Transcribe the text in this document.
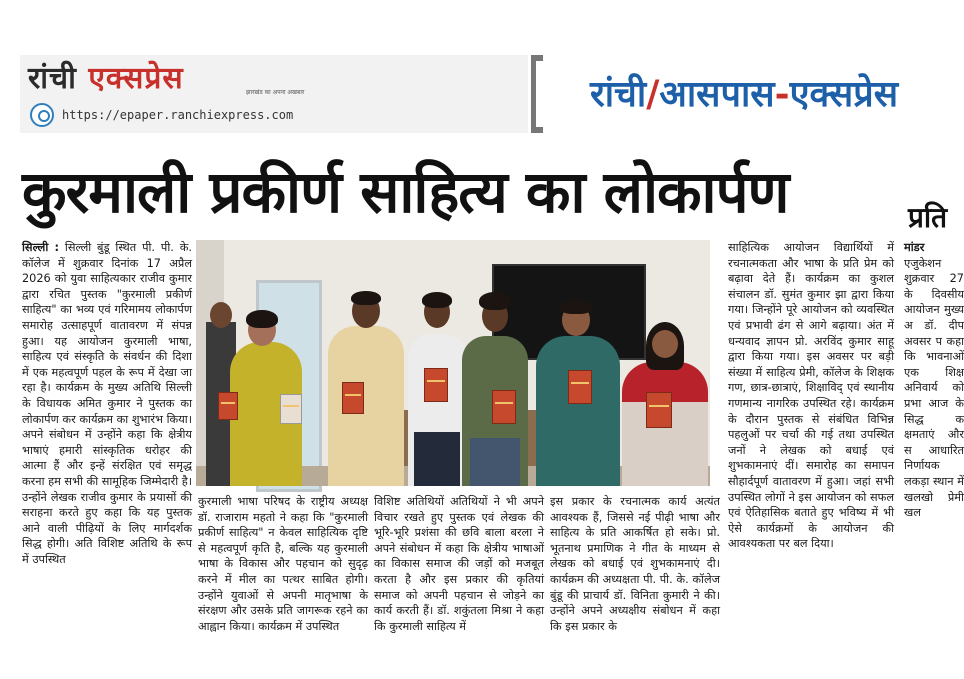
रांची एक्सप्रेस	झारखंड का अपना अखबार
https://epaper.ranchiexpress.com	रांची/आसपास-एक्सप्रेस
कुरमाली प्रकीर्ण साहित्य का लोकार्पण	प्रति
सिल्ली : सिल्ली बुंडू स्थित पी. पी. के. कॉलेज में शुक्रवार दिनांक 17 अप्रैल 2026 को युवा साहित्यकार राजीव कुमार द्वारा रचित पुस्तक "कुरमाली प्रकीर्ण साहित्य" का भव्य एवं गरिमामय लोकार्पण समारोह उत्साहपूर्ण वातावरण में संपन्न हुआ। यह आयोजन कुरमाली भाषा, साहित्य एवं संस्कृति के संवर्धन की दिशा में एक महत्वपूर्ण पहल के रूप में देखा जा रहा है। कार्यक्रम के मुख्य अतिथि सिल्ली के विधायक अमित कुमार ने पुस्तक का लोकार्पण कर कार्यक्रम का शुभारंभ किया। अपने संबोधन में उन्होंने कहा कि क्षेत्रीय भाषाएं हमारी सांस्कृतिक धरोहर की आत्मा हैं और इन्हें संरक्षित एवं समृद्ध करना हम सभी की सामूहिक जिम्मेदारी है। उन्होंने लेखक राजीव कुमार के प्रयासों की सराहना करते हुए कहा कि यह पुस्तक आने वाली पीढ़ियों के लिए मार्गदर्शक सिद्ध होगी। अति विशिष्ट अतिथि के रूप में उपस्थित
कुरमाली भाषा परिषद के राष्ट्रीय अध्यक्ष डॉ. राजाराम महतो ने कहा कि "कुरमाली प्रकीर्ण साहित्य" न केवल साहित्यिक दृष्टि से महत्वपूर्ण कृति है, बल्कि यह कुरमाली भाषा के विकास और पहचान को सुदृढ़ करने में मील का पत्थर साबित होगी। उन्होंने युवाओं से अपनी मातृभाषा के संरक्षण और उसके प्रति जागरूक रहने का आह्वान किया। कार्यक्रम में उपस्थित
विशिष्ट अतिथियों अतिथियों ने भी अपने विचार रखते हुए पुस्तक एवं लेखक की भूरि-भूरि प्रशंसा की छवि बाला बरला ने अपने संबोधन में कहा कि क्षेत्रीय भाषाओं का विकास समाज की जड़ों को मजबूत करता है और इस प्रकार की कृतियां समाज को अपनी पहचान से जोड़ने का कार्य करती हैं। डॉ. शकुंतला मिश्रा ने कहा कि कुरमाली साहित्य में
इस प्रकार के रचनात्मक कार्य अत्यंत आवश्यक हैं, जिससे नई पीढ़ी भाषा और साहित्य के प्रति आकर्षित हो सके। प्रो. भूतनाथ प्रमाणिक ने गीत के माध्यम से लेखक को बधाई एवं शुभकामनाएं दी। कार्यक्रम की अध्यक्षता पी. पी. के. कॉलेज बुंडू की प्राचार्य डॉ. विनिता कुमारी ने की। उन्होंने अपने अध्यक्षीय संबोधन में कहा कि इस प्रकार के
साहित्यिक आयोजन विद्यार्थियों में रचनात्मकता और भाषा के प्रति प्रेम को बढ़ावा देते हैं। कार्यक्रम का कुशल संचालन डॉ. सुमंत कुमार झा द्वारा किया गया। जिन्होंने पूरे आयोजन को व्यवस्थित एवं प्रभावी ढंग से आगे बढ़ाया। अंत में धन्यवाद ज्ञापन प्रो. अरविंद कुमार साहू द्वारा किया गया। इस अवसर पर बड़ी संख्या में साहित्य प्रेमी, कॉलेज के शिक्षक गण, छात्र-छात्राएं, शिक्षाविद् एवं स्थानीय गणमान्य नागरिक उपस्थित रहे। कार्यक्रम के दौरान पुस्तक से संबंधित विभिन्न पहलुओं पर चर्चा की गई तथा उपस्थित जनों ने लेखक को बधाई एवं शुभकामनाएं दीं। समारोह का समापन सौहार्दपूर्ण वातावरण में हुआ। जहां सभी उपस्थित लोगों ने इस आयोजन को सफल एवं ऐतिहासिक बताते हुए भविष्य में भी ऐसे कार्यक्रमों के आयोजन की आवश्यकता पर बल दिया।
मांडर एजुकेशन शुक्रवार 27 के दिवसीय आयोजन मुख्य अ डॉ. दीप अवसर प कहा कि भावनाओं एक शिक्ष अनिवार्य को प्रभा आज के सिद्ध क क्षमताएं और स आधारित निर्णायक लकड़ा स्थान में खलखो प्रेमी खल
